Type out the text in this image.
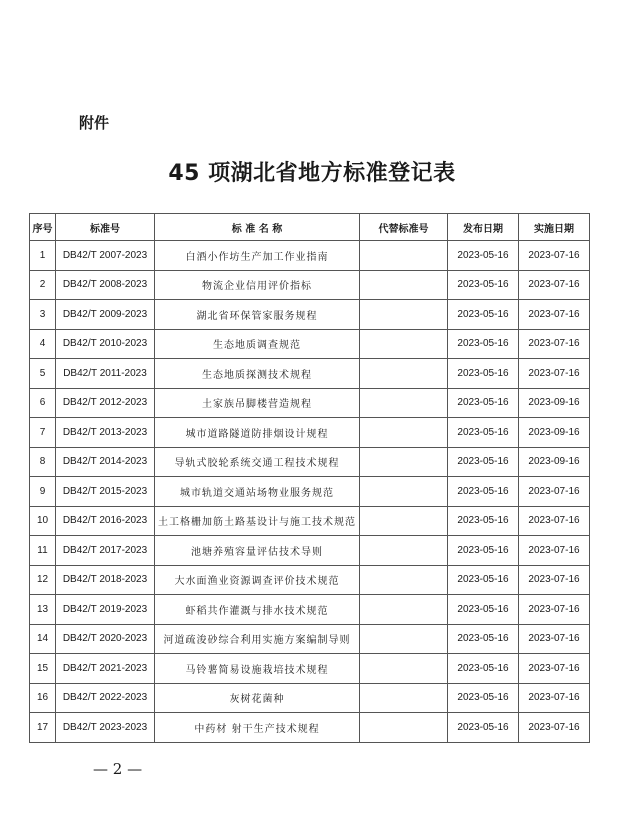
附件
45 项湖北省地方标准登记表
序号	标准号	标 准 名 称	代替标准号	发布日期	实施日期
1	DB42/T 2007-2023	白酒小作坊生产加工作业指南		2023-05-16	2023-07-16
2	DB42/T 2008-2023	物流企业信用评价指标		2023-05-16	2023-07-16
3	DB42/T 2009-2023	湖北省环保管家服务规程		2023-05-16	2023-07-16
4	DB42/T 2010-2023	生态地质调查规范		2023-05-16	2023-07-16
5	DB42/T 2011-2023	生态地质探测技术规程		2023-05-16	2023-07-16
6	DB42/T 2012-2023	土家族吊脚楼营造规程		2023-05-16	2023-09-16
7	DB42/T 2013-2023	城市道路隧道防排烟设计规程		2023-05-16	2023-09-16
8	DB42/T 2014-2023	导轨式胶轮系统交通工程技术规程		2023-05-16	2023-09-16
9	DB42/T 2015-2023	城市轨道交通站场物业服务规范		2023-05-16	2023-07-16
10	DB42/T 2016-2023	土工格栅加筋土路基设计与施工技术规范		2023-05-16	2023-07-16
11	DB42/T 2017-2023	池塘养殖容量评估技术导则		2023-05-16	2023-07-16
12	DB42/T 2018-2023	大水面渔业资源调查评价技术规范		2023-05-16	2023-07-16
13	DB42/T 2019-2023	虾稻共作灌溉与排水技术规范		2023-05-16	2023-07-16
14	DB42/T 2020-2023	河道疏浚砂综合利用实施方案编制导则		2023-05-16	2023-07-16
15	DB42/T 2021-2023	马铃薯简易设施栽培技术规程		2023-05-16	2023-07-16
16	DB42/T 2022-2023	灰树花菌种		2023-05-16	2023-07-16
17	DB42/T 2023-2023	中药材 射干生产技术规程		2023-05-16	2023-07-16
— 2 —
